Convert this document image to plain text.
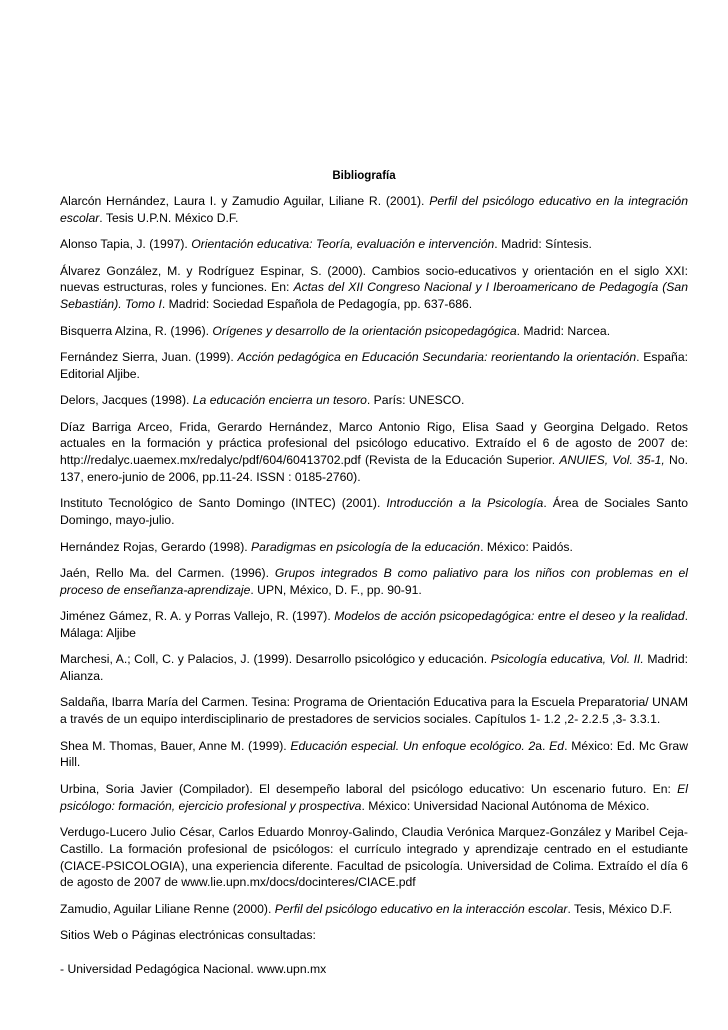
Bibliografía

Alarcón Hernández, Laura I. y Zamudio Aguilar, Liliane R. (2001). Perfil del psicólogo educativo en la integración escolar. Tesis U.P.N. México D.F.

Alonso Tapia, J. (1997). Orientación educativa: Teoría, evaluación e intervención. Madrid: Síntesis.

Álvarez González, M. y Rodríguez Espinar, S. (2000). Cambios socio-educativos y orientación en el siglo XXI: nuevas estructuras, roles y funciones. En: Actas del XII Congreso Nacional y I Iberoamericano de Pedagogía (San Sebastián). Tomo I. Madrid: Sociedad Española de Pedagogía, pp. 637-686.

Bisquerra Alzina, R. (1996). Orígenes y desarrollo de la orientación psicopedagógica. Madrid: Narcea.

Fernández Sierra, Juan. (1999). Acción pedagógica en Educación Secundaria: reorientando la orientación. España: Editorial Aljibe.

Delors, Jacques (1998). La educación encierra un tesoro. París: UNESCO.

Díaz Barriga Arceo, Frida, Gerardo Hernández, Marco Antonio Rigo, Elisa Saad y Georgina Delgado. Retos actuales en la formación y práctica profesional del psicólogo educativo. Extraído el 6 de agosto de 2007 de: http://redalyc.uaemex.mx/redalyc/pdf/604/60413702.pdf (Revista de la Educación Superior. ANUIES, Vol. 35-1, No. 137, enero-junio de 2006, pp.11-24. ISSN : 0185-2760).

Instituto Tecnológico de Santo Domingo (INTEC) (2001). Introducción a la Psicología. Área de Sociales Santo Domingo, mayo-julio.

Hernández Rojas, Gerardo (1998). Paradigmas en psicología de la educación. México: Paidós.

Jaén, Rello Ma. del Carmen. (1996). Grupos integrados B como paliativo para los niños con problemas en el proceso de enseñanza-aprendizaje. UPN, México, D. F., pp. 90-91.

Jiménez Gámez, R. A. y Porras Vallejo, R. (1997). Modelos de acción psicopedagógica: entre el deseo y la realidad. Málaga: Aljibe

Marchesi, A.; Coll, C. y Palacios, J. (1999). Desarrollo psicológico y educación. Psicología educativa, Vol. II. Madrid: Alianza.

Saldaña, Ibarra María del Carmen. Tesina: Programa de Orientación Educativa para la Escuela Preparatoria/ UNAM a través de un equipo interdisciplinario de prestadores de servicios sociales. Capítulos 1- 1.2 ,2- 2.2.5 ,3- 3.3.1.

Shea M. Thomas, Bauer, Anne M. (1999). Educación especial. Un enfoque ecológico. 2a. Ed. México: Ed. Mc Graw Hill.

Urbina, Soria Javier (Compilador). El desempeño laboral del psicólogo educativo: Un escenario futuro. En: El psicólogo: formación, ejercicio profesional y prospectiva. México: Universidad Nacional Autónoma de México.

Verdugo-Lucero Julio César, Carlos Eduardo Monroy-Galindo, Claudia Verónica Marquez-González y Maribel Ceja-Castillo. La formación profesional de psicólogos: el currículo integrado y aprendizaje centrado en el estudiante (CIACE-PSICOLOGIA), una experiencia diferente. Facultad de psicología. Universidad de Colima. Extraído el día 6 de agosto de 2007 de www.lie.upn.mx/docs/docinteres/CIACE.pdf

Zamudio, Aguilar Liliane Renne (2000). Perfil del psicólogo educativo en la interacción escolar. Tesis, México D.F.

Sitios Web o Páginas electrónicas consultadas:

- Universidad Pedagógica Nacional. www.upn.mx
